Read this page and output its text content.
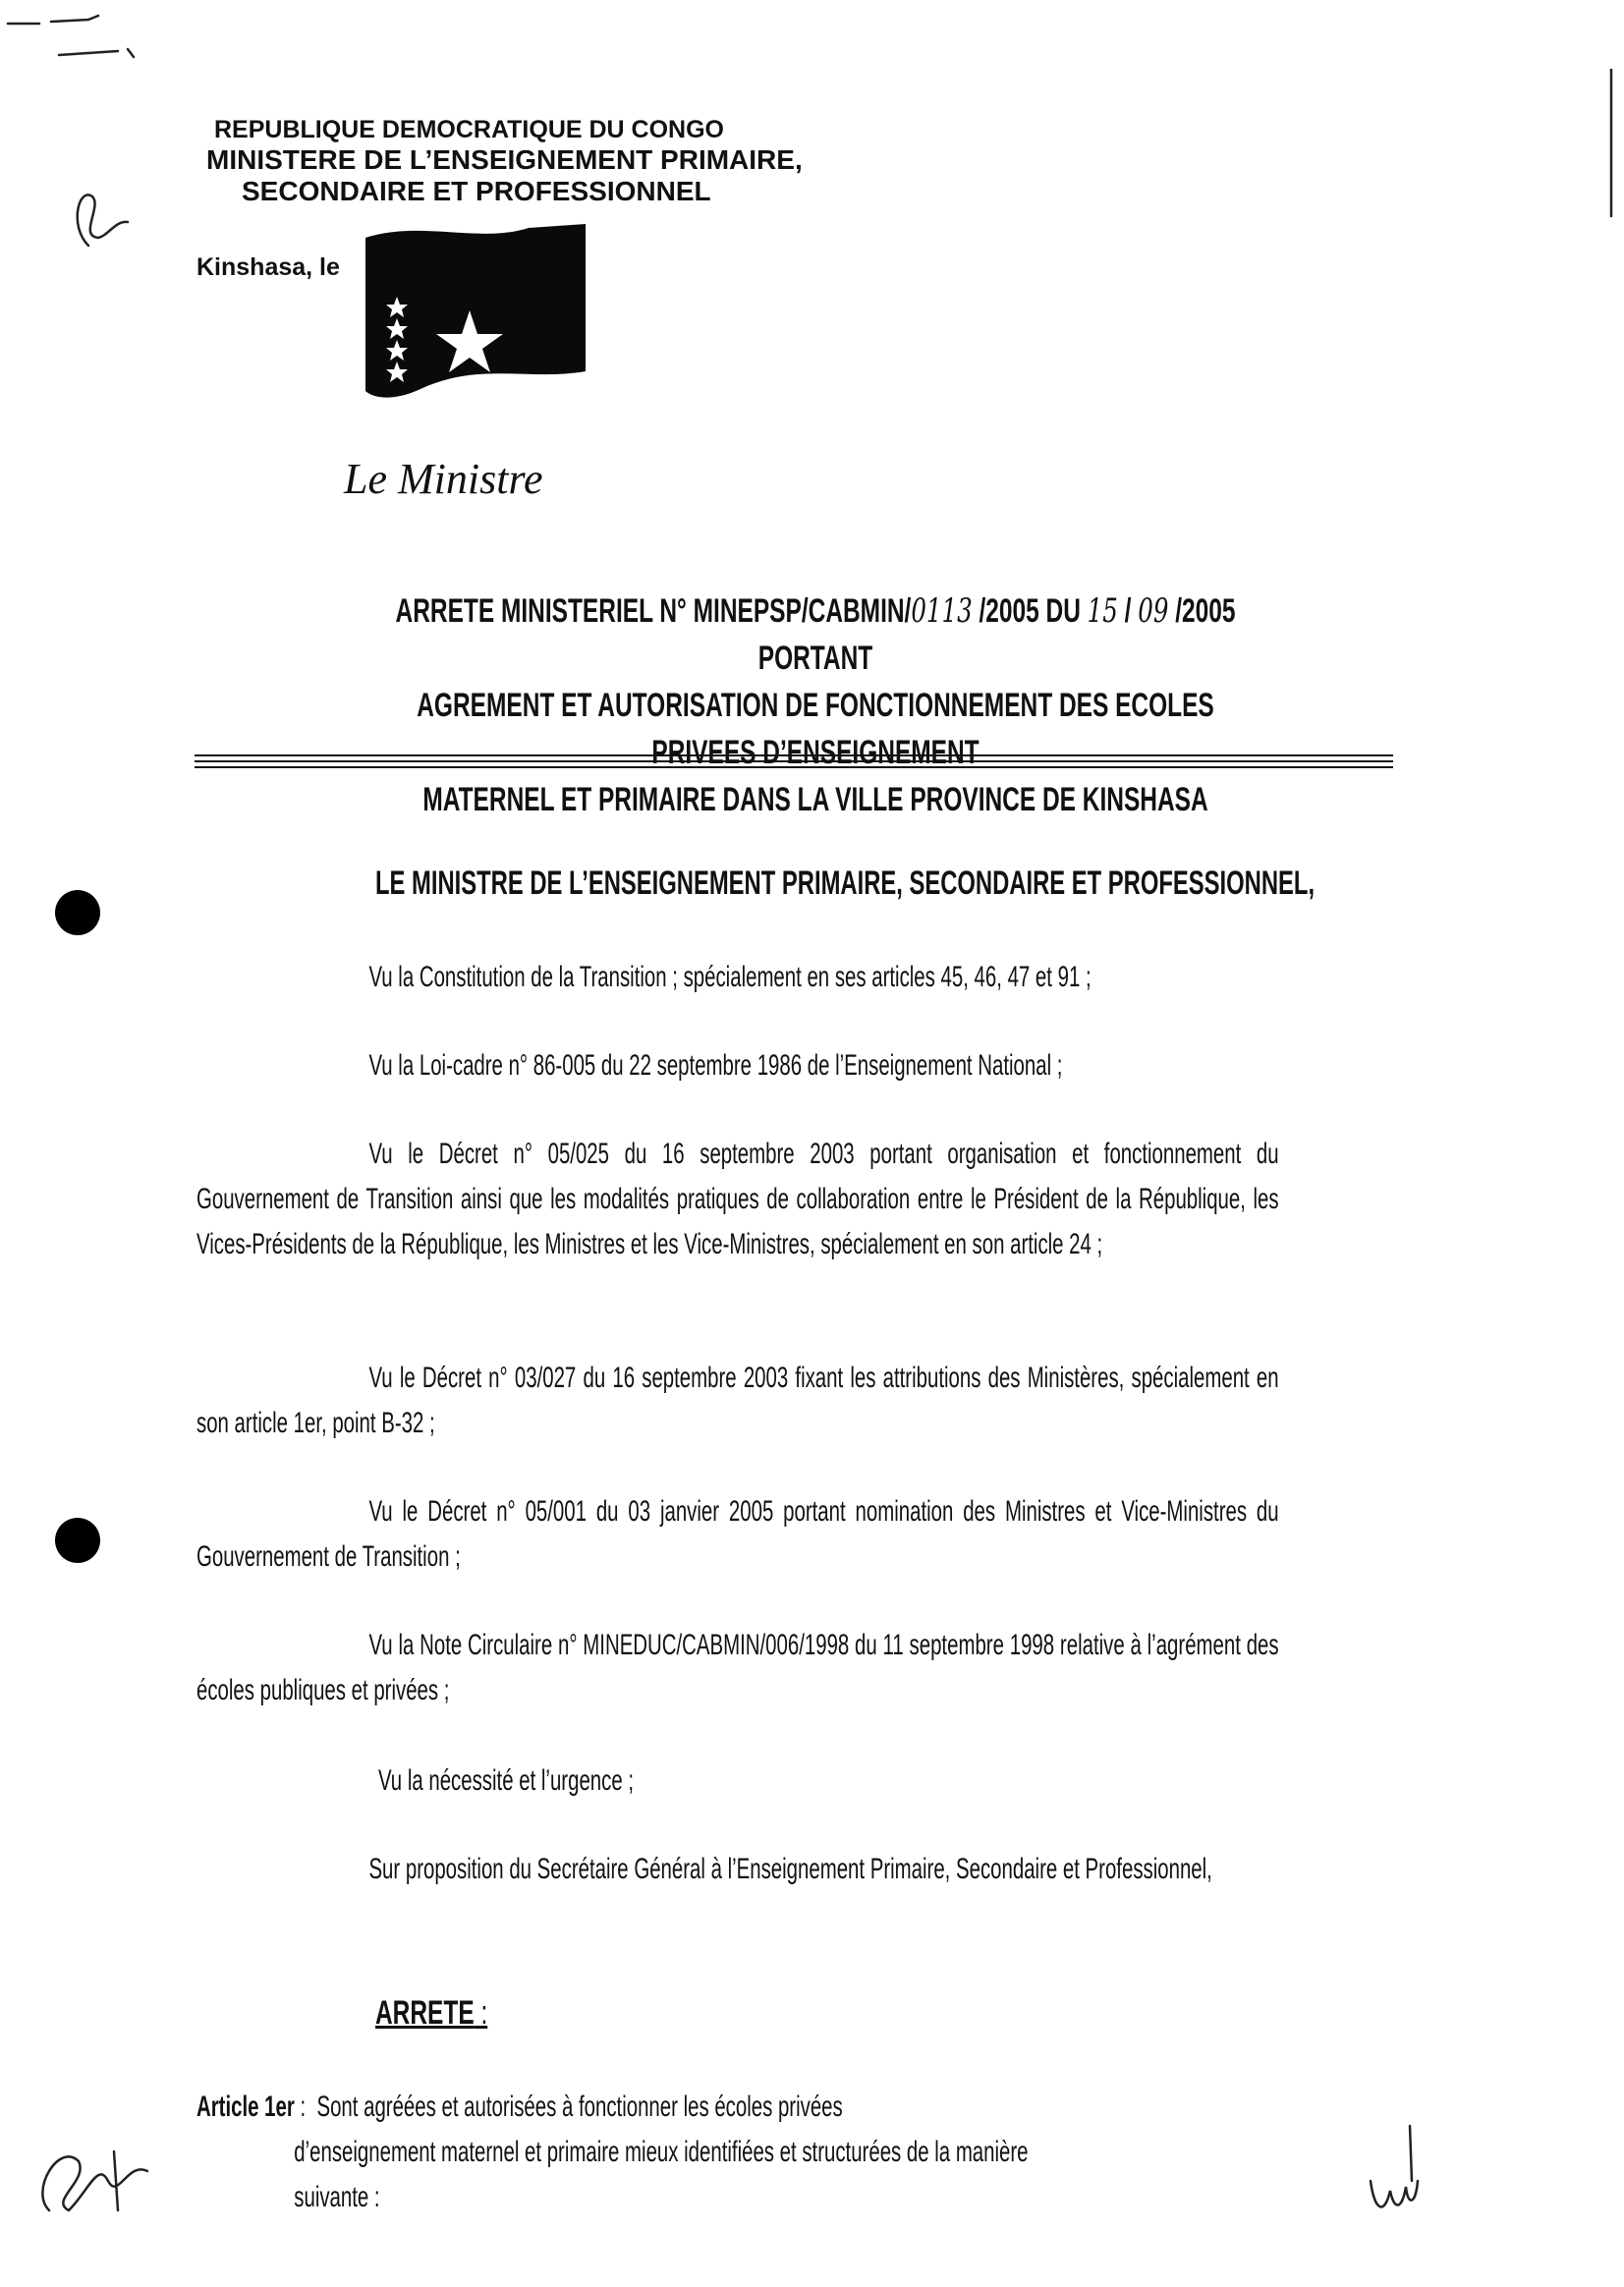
REPUBLIQUE DEMOCRATIQUE DU CONGO
MINISTERE DE L’ENSEIGNEMENT PRIMAIRE,
SECONDAIRE ET PROFESSIONNEL
Kinshasa, le
Le Ministre
ARRETE MINISTERIEL N° MINEPSP/CABMIN/0113 /2005 DU 15 / 09 /2005 PORTANT
AGREMENT ET AUTORISATION DE FONCTIONNEMENT DES ECOLES PRIVEES D’ENSEIGNEMENT
MATERNEL ET PRIMAIRE DANS LA VILLE PROVINCE DE KINSHASA
LE MINISTRE DE L’ENSEIGNEMENT PRIMAIRE, SECONDAIRE ET PROFESSIONNEL,
Vu la Constitution de la Transition ; spécialement en ses articles 45, 46, 47 et 91 ;
Vu la Loi-cadre n° 86-005 du 22 septembre 1986 de l’Enseignement National ;
Vu le Décret n° 05/025 du 16 septembre 2003 portant organisation et fonctionnement du Gouvernement de Transition ainsi que les modalités pratiques de collaboration entre le Président de la République, les Vices-Présidents de la République, les Ministres et les Vice-Ministres, spécialement en son article 24 ;
Vu le Décret n° 03/027 du 16 septembre 2003 fixant les attributions des Ministères, spécialement en son article 1er, point B-32 ;
Vu le Décret n° 05/001 du 03 janvier 2005 portant nomination des Ministres et Vice-Ministres du Gouvernement de Transition ;
Vu la Note Circulaire n° MINEDUC/CABMIN/006/1998 du 11 septembre 1998 relative à l’agrément des écoles publiques et privées ;
Vu la nécessité et l’urgence ;
Sur proposition du Secrétaire Général à l’Enseignement Primaire, Secondaire et Professionnel,
ARRETE :
Article 1er : Sont agréées et autorisées à fonctionner les écoles privées
d’enseignement maternel et primaire mieux identifiées et structurées de la manière
suivante :
